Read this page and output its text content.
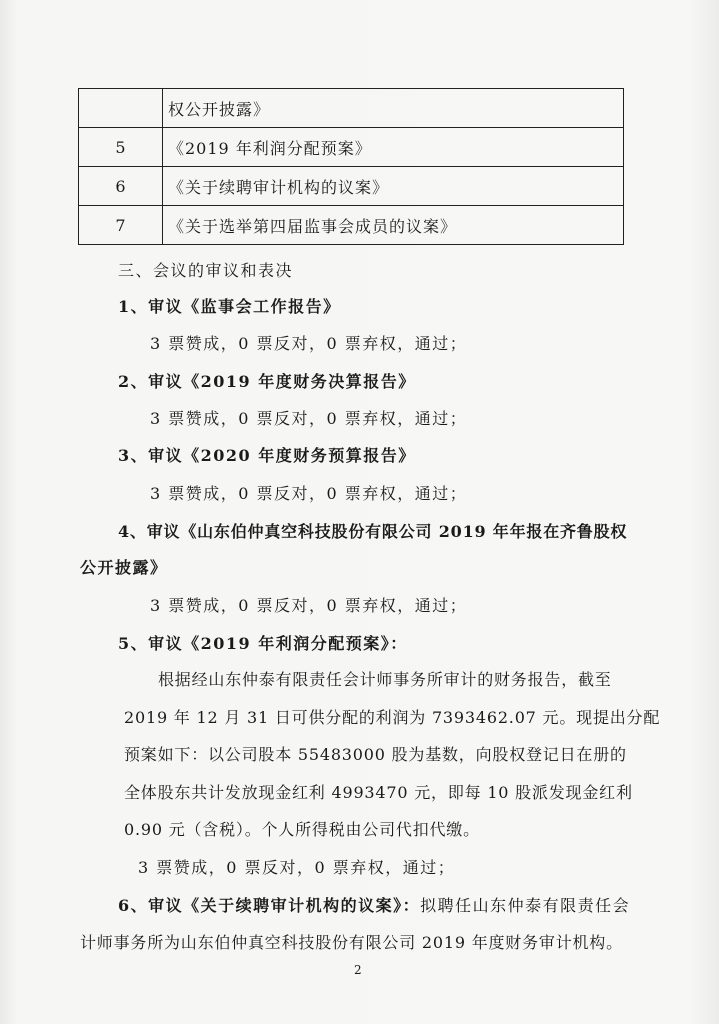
	权公开披露》
5	《2019 年利润分配预案》
6	《关于续聘审计机构的议案》
7	《关于选举第四届监事会成员的议案》
三、会议的审议和表决
1、审议《监事会工作报告》
3 票赞成，0 票反对，0 票弃权，通过；
2、审议《2019 年度财务决算报告》
3 票赞成，0 票反对，0 票弃权，通过；
3、审议《2020 年度财务预算报告》
3 票赞成，0 票反对，0 票弃权，通过；
4、审议《山东伯仲真空科技股份有限公司 2019 年年报在齐鲁股权
公开披露》
3 票赞成，0 票反对，0 票弃权，通过；
5、审议《2019 年利润分配预案》：
根据经山东仲泰有限责任会计师事务所审计的财务报告，截至
2019 年 12 月 31 日可供分配的利润为 7393462.07 元。现提出分配
预案如下：以公司股本 55483000 股为基数，向股权登记日在册的
全体股东共计发放现金红利 4993470 元，即每 10 股派发现金红利
0.90 元（含税）。个人所得税由公司代扣代缴。
3 票赞成，0 票反对，0 票弃权，通过；
6、审议《关于续聘审计机构的议案》：拟聘任山东仲泰有限责任会
计师事务所为山东伯仲真空科技股份有限公司 2019 年度财务审计机构。
2
